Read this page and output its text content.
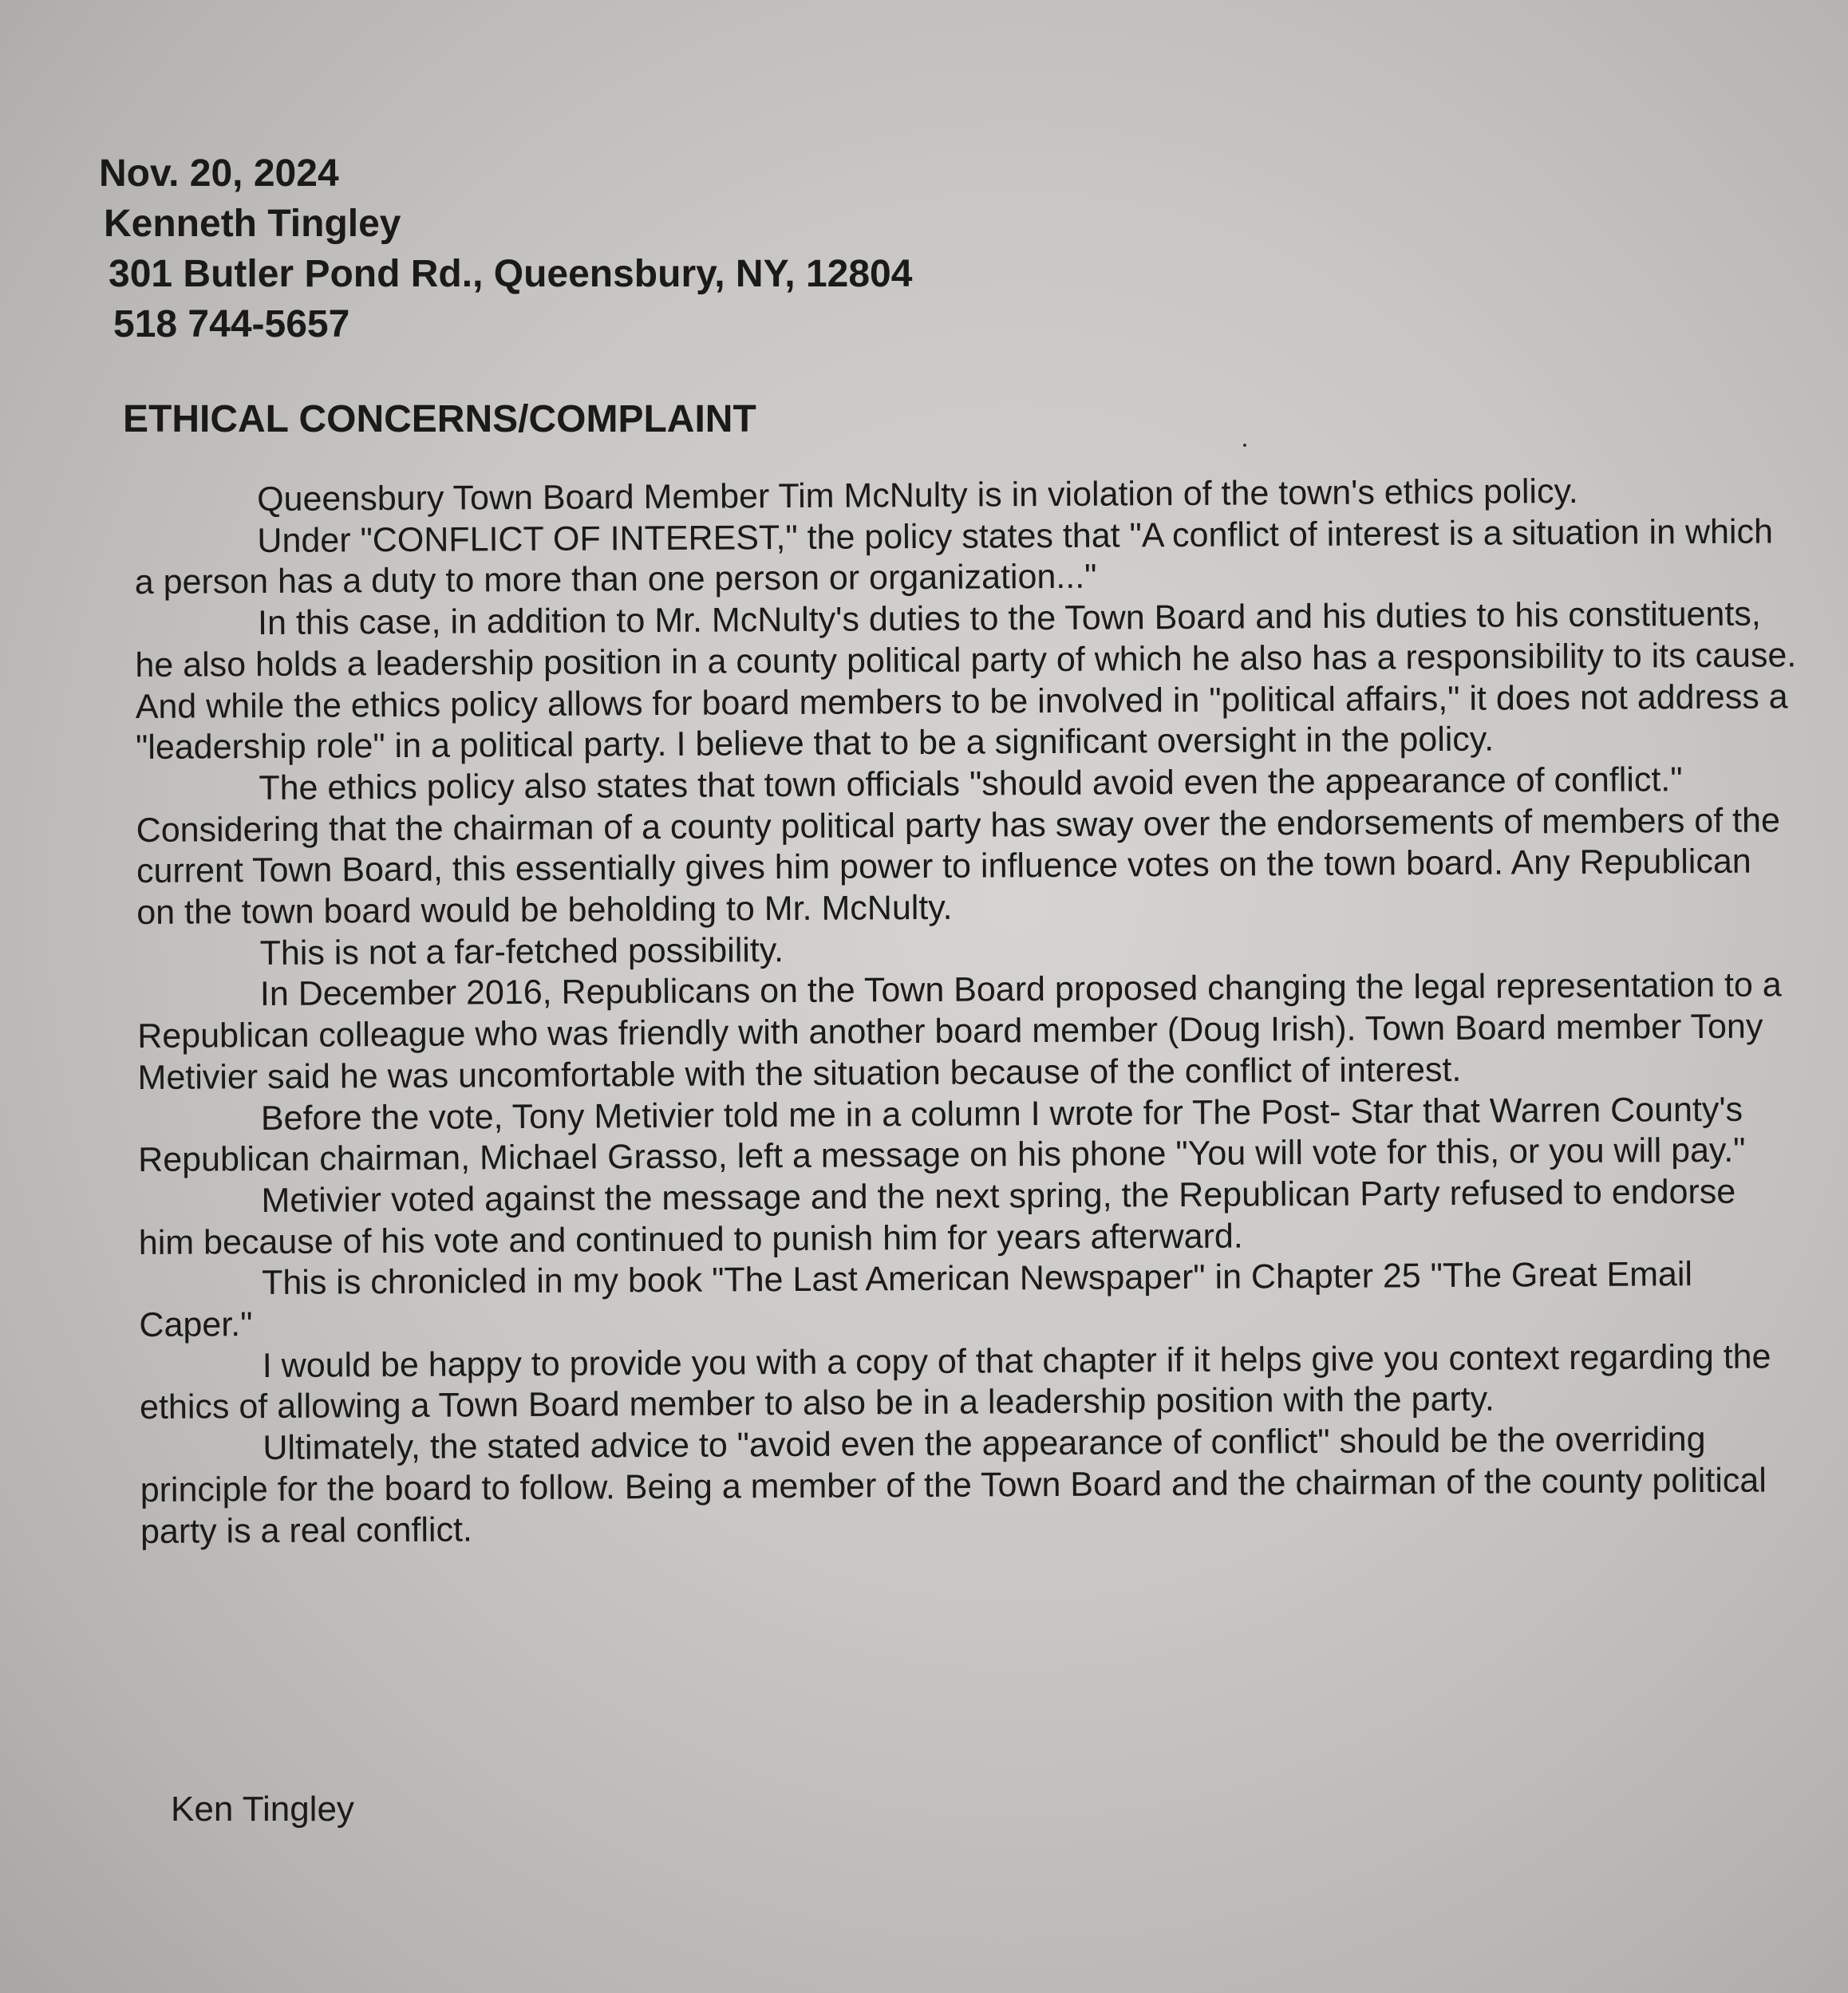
Nov. 20, 2024
Kenneth Tingley
301 Butler Pond Rd., Queensbury, NY, 12804
518 744-5657
ETHICAL CONCERNS/COMPLAINT

Queensbury Town Board Member Tim McNulty is in violation of the town's ethics policy.

Under "CONFLICT OF INTEREST," the policy states that "A conflict of interest is a situation in which a person has a duty to more than one person or organization..."

In this case, in addition to Mr. McNulty's duties to the Town Board and his duties to his constituents, he also holds a leadership position in a county political party of which he also has a responsibility to its cause. And while the ethics policy allows for board members to be involved in "political affairs," it does not address a "leadership role" in a political party. I believe that to be a significant oversight in the policy.

The ethics policy also states that town officials "should avoid even the appearance of conflict." Considering that the chairman of a county political party has sway over the endorsements of members of the current Town Board, this essentially gives him power to influence votes on the town board. Any Republican on the town board would be beholding to Mr. McNulty.

This is not a far-fetched possibility.

In December 2016, Republicans on the Town Board proposed changing the legal representation to a Republican colleague who was friendly with another board member (Doug Irish). Town Board member Tony Metivier said he was uncomfortable with the situation because of the conflict of interest.

Before the vote, Tony Metivier told me in a column I wrote for The Post- Star that Warren County's Republican chairman, Michael Grasso, left a message on his phone "You will vote for this, or you will pay."

Metivier voted against the message and the next spring, the Republican Party refused to endorse him because of his vote and continued to punish him for years afterward.

This is chronicled in my book "The Last American Newspaper" in Chapter 25 "The Great Email Caper."

I would be happy to provide you with a copy of that chapter if it helps give you context regarding the ethics of allowing a Town Board member to also be in a leadership position with the party.

Ultimately, the stated advice to "avoid even the appearance of conflict" should be the overriding principle for the board to follow. Being a member of the Town Board and the chairman of the county political party is a real conflict.

Ken Tingley
